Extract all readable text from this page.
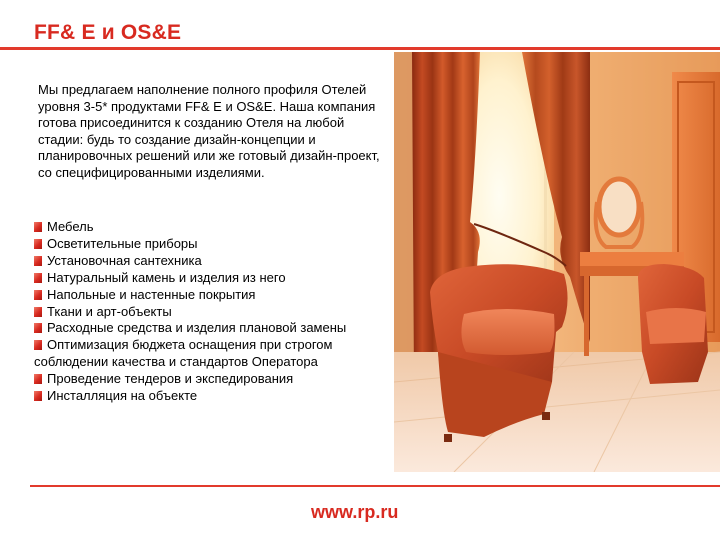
FF& E и OS&E

Мы предлагаем наполнение полного профиля Отелей уровня 3-5* продуктами FF& E и OS&E. Наша компания готова присоединится к созданию Отеля на любой стадии: будь то создание дизайн-концепции и планировочных решений или же готовый дизайн-проект, со специфицированными изделиями.

Мебель
Осветительные приборы
Установочная сантехника
Натуральный камень и изделия из него
Напольные и настенные покрытия
Ткани и арт-объекты
Расходные средства и изделия плановой замены
Оптимизация бюджета оснащения при строгом соблюдении качества и стандартов Оператора
Проведение тендеров и экспедирования
Инсталляция на объекте
www.rp.ru
